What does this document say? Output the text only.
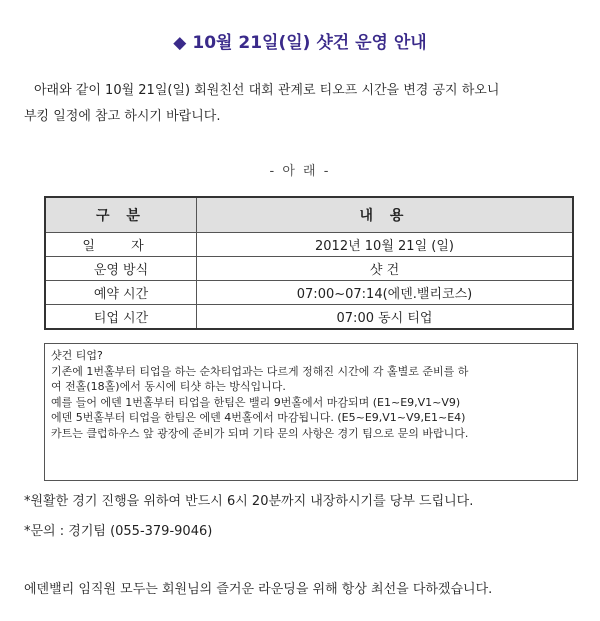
◆ 10월 21일(일) 샷건 운영 안내
아래와 같이 10월 21일(일) 회원친선 대회 관계로 티오프 시간을 변경 공지 하오니
부킹 일정에 참고 하시기 바랍니다.
- 아 래 -
구 분	내 용
일 자	2012년 10월 21일 (일)
운영 방식	샷 건
예약 시간	07:00~07:14(에덴.밸리코스)
티업 시간	07:00 동시 티업
샷건 티업?
기존에 1번홀부터 티업을 하는 순차티업과는 다르게 정해진 시간에 각 홀별로 준비를 하
여 전홀(18홀)에서 동시에 티샷 하는 방식입니다.
예를 들어 에덴 1번홀부터 티업을 한팀은 밸리 9번홀에서 마감되며 (E1~E9,V1~V9)
에덴 5번홀부터 티업을 한팀은 에덴 4번홀에서 마감됩니다. (E5~E9,V1~V9,E1~E4)
카트는 클럽하우스 앞 광장에 준비가 되며 기타 문의 사항은 경기 팀으로 문의 바랍니다.
*원활한 경기 진행을 위하여 반드시 6시 20분까지 내장하시기를 당부 드립니다.
*문의 : 경기팀 (055-379-9046)
에덴밸리 임직원 모두는 회원님의 즐거운 라운딩을 위해 항상 최선을 다하겠습니다.
